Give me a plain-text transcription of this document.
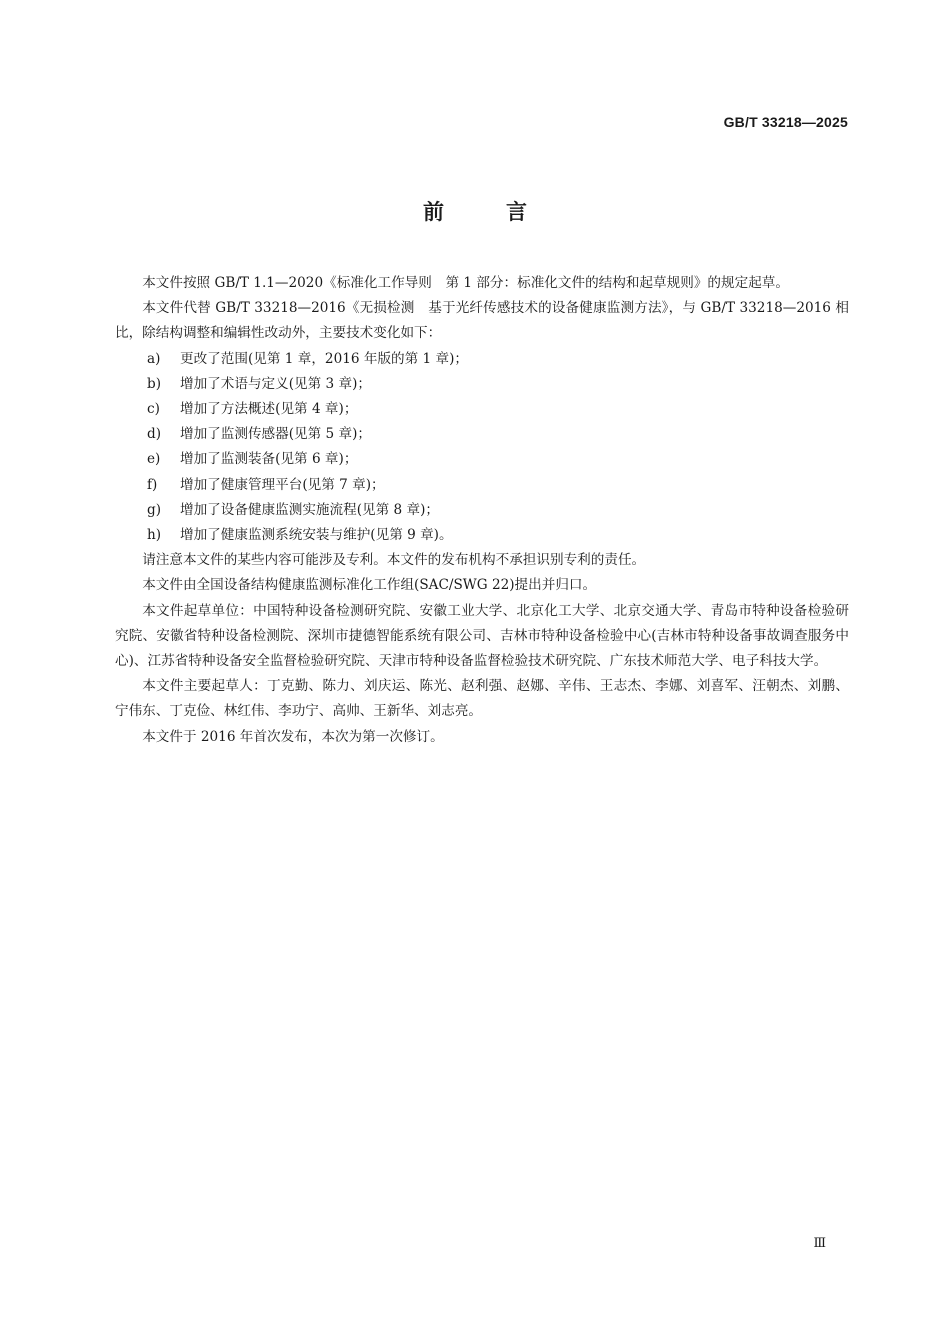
GB/T 33218—2025
前言

本文件按照 GB/T 1.1—2020《标准化工作导则　第 1 部分：标准化文件的结构和起草规则》的规定起草。

本文件代替 GB/T 33218—2016《无损检测　基于光纤传感技术的设备健康监测方法》，与 GB/T 33218—2016 相比，除结构调整和编辑性改动外，主要技术变化如下：

a)	更改了范围(见第 1 章，2016 年版的第 1 章)；
b)	增加了术语与定义(见第 3 章)；
c)	增加了方法概述(见第 4 章)；
d)	增加了监测传感器(见第 5 章)；
e)	增加了监测装备(见第 6 章)；
f)	增加了健康管理平台(见第 7 章)；
g)	增加了设备健康监测实施流程(见第 8 章)；
h)	增加了健康监测系统安装与维护(见第 9 章)。

请注意本文件的某些内容可能涉及专利。本文件的发布机构不承担识别专利的责任。

本文件由全国设备结构健康监测标准化工作组(SAC/SWG 22)提出并归口。

本文件起草单位：中国特种设备检测研究院、安徽工业大学、北京化工大学、北京交通大学、青岛市特种设备检验研究院、安徽省特种设备检测院、深圳市捷德智能系统有限公司、吉林市特种设备检验中心(吉林市特种设备事故调查服务中心)、江苏省特种设备安全监督检验研究院、天津市特种设备监督检验技术研究院、广东技术师范大学、电子科技大学。

本文件主要起草人：丁克勤、陈力、刘庆运、陈光、赵利强、赵娜、辛伟、王志杰、李娜、刘喜军、汪朝杰、刘鹏、宁伟东、丁克俭、林红伟、李功宁、高帅、王新华、刘志亮。

本文件于 2016 年首次发布，本次为第一次修订。

Ⅲ
